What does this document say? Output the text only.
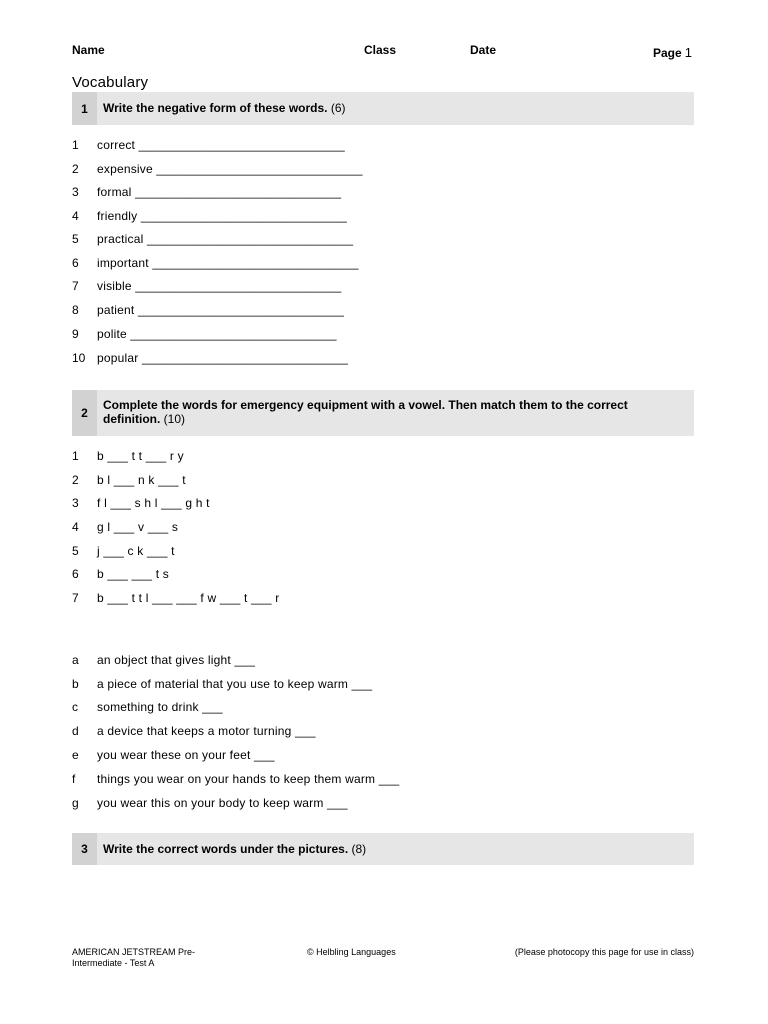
Name	Class	Date	Page 1
Vocabulary
1	Write the negative form of these words. (6)
1 correct ______________________________
2 expensive ______________________________
3 formal ______________________________
4 friendly ______________________________
5 practical ______________________________
6 important ______________________________
7 visible ______________________________
8 patient ______________________________
9 polite ______________________________
10 popular ______________________________
2
Complete the words for emergency equipment with a vowel. Then match them to the correct
definition. (10)
1 b ___ t t ___ r y
2 b l ___ n k ___ t
3 f l ___ s h l ___ g h t
4 g l ___ v ___ s
5 j ___ c k ___ t
6 b ___ ___ t s
7 b ___ t t l ___ ___ f w ___ t ___ r
a an object that gives light ___
b a piece of material that you use to keep warm ___
c something to drink ___
d a device that keeps a motor turning ___
e you wear these on your feet ___
f things you wear on your hands to keep them warm ___
g you wear this on your body to keep warm ___
3	Write the correct words under the pictures. (8)
AMERICAN JETSTREAM Pre-
Intermediate - Test A
© Helbling Languages	(Please photocopy this page for use in class)
